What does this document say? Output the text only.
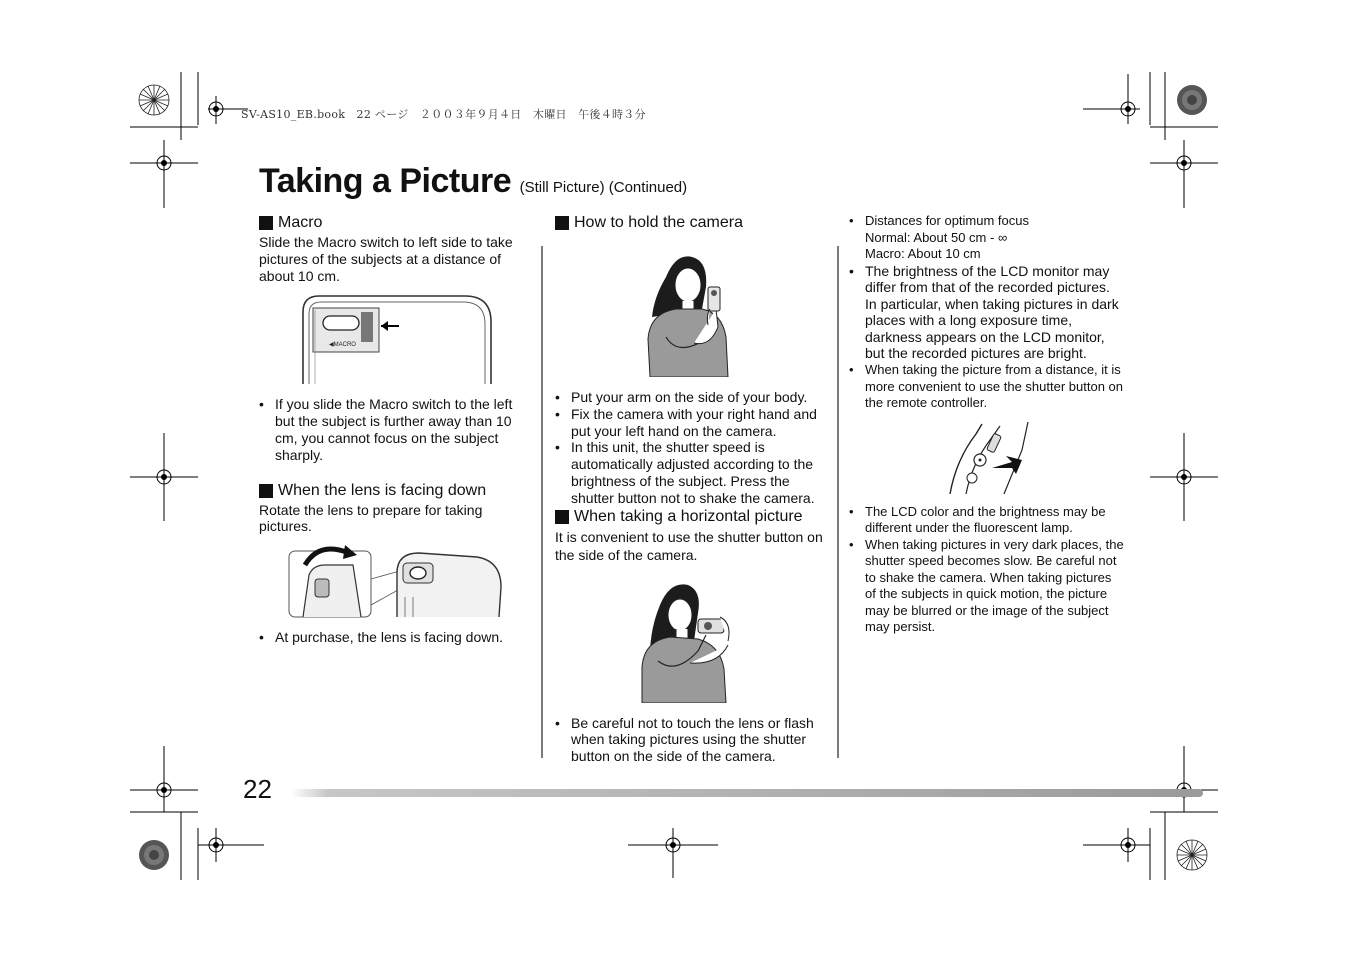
SV-AS10_EB.book　22 ページ　２００３年９月４日　木曜日　午後４時３分
Taking a Picture (Still Picture) (Continued)
Macro
Slide the Macro switch to left side to take pictures of the subjects at a distance of about 10 cm.
◀MACRO
• If you slide the Macro switch to the left but the subject is further away than 10 cm, you cannot focus on the subject sharply.
When the lens is facing down
Rotate the lens to prepare for taking pictures.
• At purchase, the lens is facing down.
How to hold the camera
• Put your arm on the side of your body.
• Fix the camera with your right hand and put your left hand on the camera.
• In this unit, the shutter speed is automatically adjusted according to the brightness of the subject. Press the shutter button not to shake the camera.
When taking a horizontal picture
It is convenient to use the shutter button on the side of the camera.
• Be careful not to touch the lens or flash when taking pictures using the shutter button on the side of the camera.
• Distances for optimum focus
Normal: About 50 cm - ∞
Macro: About 10 cm
• The brightness of the LCD monitor may differ from that of the recorded pictures. In particular, when taking pictures in dark places with a long exposure time, darkness appears on the LCD monitor, but the recorded pictures are bright.
• When taking the picture from a distance, it is more convenient to use the shutter button on the remote controller.
• The LCD color and the brightness may be different under the fluorescent lamp.
• When taking pictures in very dark places, the shutter speed becomes slow. Be careful not to shake the camera. When taking pictures of the subjects in quick motion, the picture may be blurred or the image of the subject may persist.
22
